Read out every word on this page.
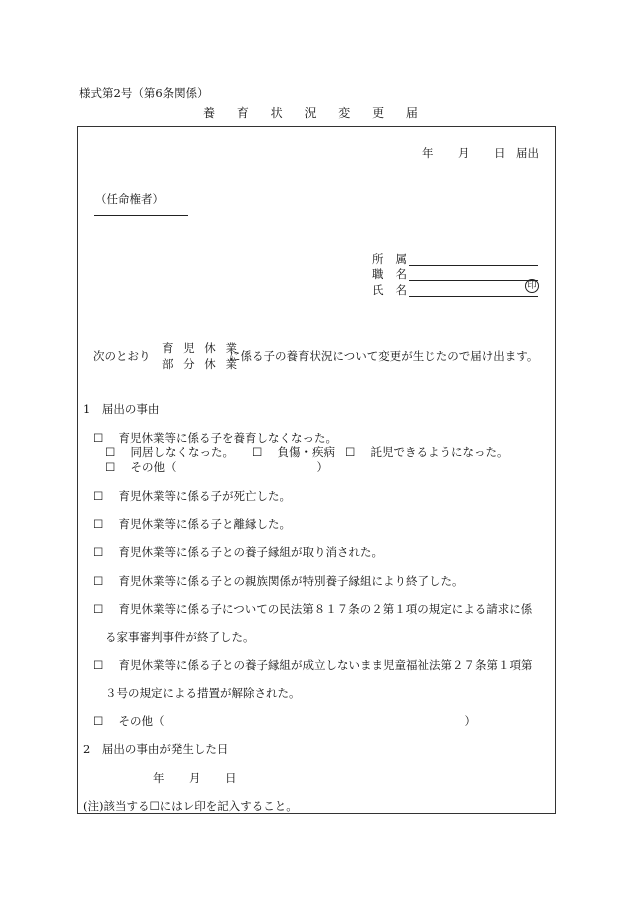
様式第2号（第6条関係）
養 育 状 況 変 更 届
年 月 日 届出
（任命権者）
所属
職名
氏名	印
次のとおり
育 児 休 業
部 分 休 業
に係る子の養育状況について変更が生じたので届け出ます。
1　届出の事由
☐　 育児休業等に係る子を養育しなくなった。
☐　 同居しなくなった。 ☐　 負傷・疾病 ☐　 託児できるようになった。
☐　 その他（	）
☐　 育児休業等に係る子が死亡した。
☐　 育児休業等に係る子と離縁した。
☐　 育児休業等に係る子との養子縁組が取り消された。
☐　 育児休業等に係る子との親族関係が特別養子縁組により終了した。
☐　 育児休業等に係る子についての民法第８１７条の２第１項の規定による請求に係
る家事審判事件が終了した。
☐　 育児休業等に係る子との養子縁組が成立しないまま児童福祉法第２７条第１項第
３号の規定による措置が解除された。
☐　 その他（	）
2　届出の事由が発生した日
年 月 日
(注)該当する☐にはレ印を記入すること。
